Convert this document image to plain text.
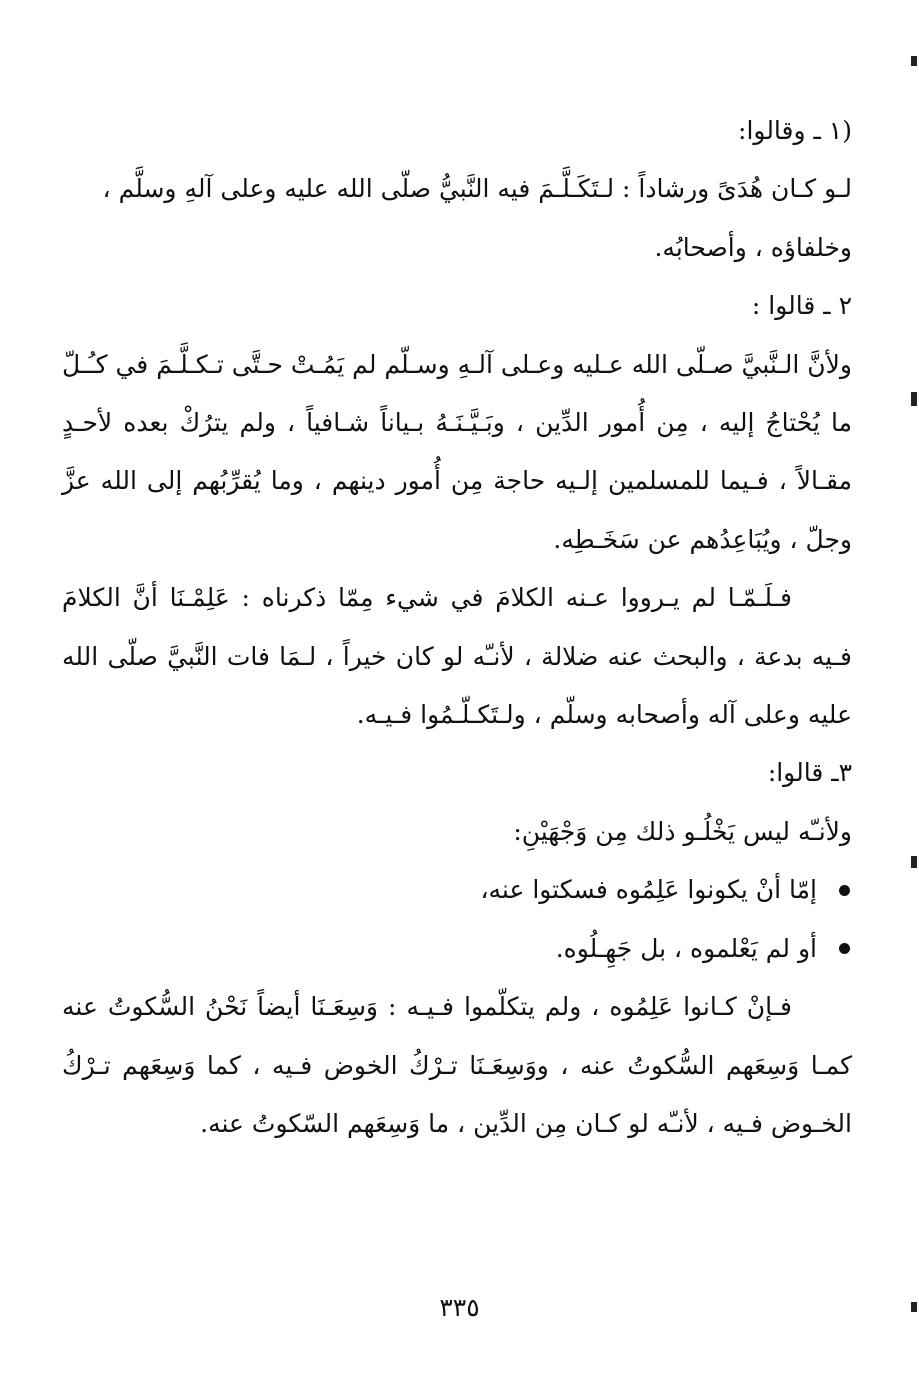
(١ ـ وقالوا:

لـو كـان هُدَىً ورشاداً : لـتَكَـلَّـمَ فيه النَّبيُّ صلّى الله عليه وعلى آلهِ وسلَّم ،

وخلفاؤه ، وأصحابُه.

٢ ـ قالوا :

ولأنَّ الـنَّبيَّ صـلّى الله عـليه وعـلى آلـهِ وسـلّم لم يَمُـتْ حـتَّى تـكـلَّـمَ في كـُـلّ ما يُحْتاجُ إليه ، مِن أُمور الدِّين ، وبَـيَّـنَـهُ بـياناً شـافياً ، ولم يترُكْ بعده لأحـدٍ مقـالاً ، فـيما للمسلمين إلـيه حاجة مِن أُمور دينهم ، وما يُقرِّبُهم إلى الله عزَّ وجلّ ، ويُبَاعِدُهم عن سَخَـطِه.

فـلَـمّـا لم يـرووا عـنه الكلامَ في شيء مِمّا ذكرناه : عَلِمْـنَا أنَّ الكلامَ فـيه بدعة ، والبحث عنه ضلالة ، لأنـّه لو كان خيراً ، لـمَا فات النَّبيَّ صلّى الله عليه وعلى آله وأصحابه وسلّم ، ولـتَكـلّـمُوا فـيـه.

٣ـ قالوا:

ولأنـّه ليس يَخْلُـو ذلك مِن وَجْهَيْنِ:

إمّا أنْ يكونوا عَلِمُوه فسكتوا عنه،
أو لم يَعْلموه ، بل جَهِـلُوه.

فـإنْ كـانوا عَلِمُوه ، ولم يتكلّموا فـيـه : وَسِعَـنَا أيضاً نَحْنُ السُّكوتُ عنه كمـا وَسِعَهم السُّكوتُ عنه ، ووَسِعَـنَا تـرْكُ الخوض فـيه ، كما وَسِعَهم تـرْكُ الخـوض فـيه ، لأنـّه لو كـان مِن الدِّين ، ما وَسِعَهم السّكوتُ عنه.

٣٣٥
